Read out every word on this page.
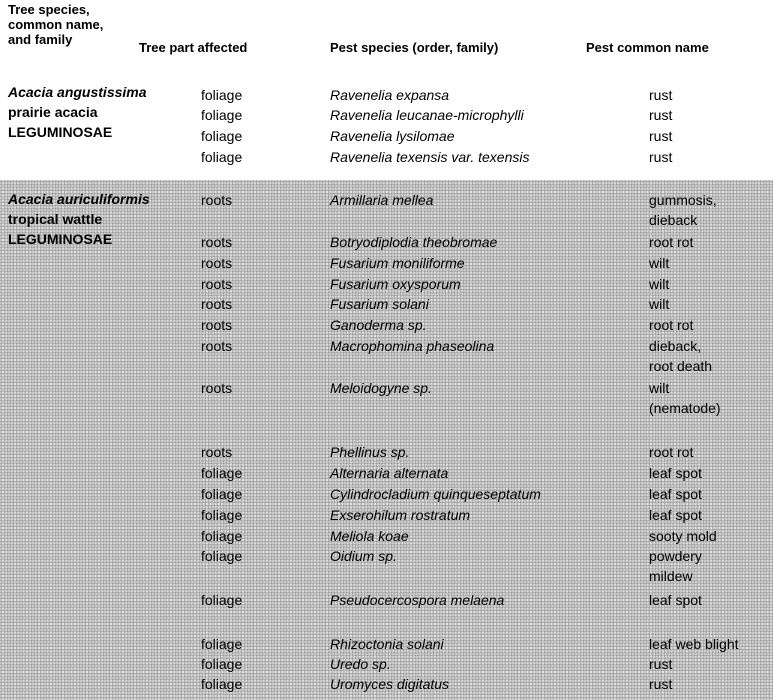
Tree species,
common name,
and family
Tree part affected	Pest species (order, family)	Pest common name
Acacia angustissima
prairie acacia
LEGUMINOSAE
foliage	Ravenelia expansa	rust
foliage	Ravenelia leucanae-microphylli	rust
foliage	Ravenelia lysilomae	rust
foliage	Ravenelia texensis var. texensis	rust
Acacia auriculiformis
tropical wattle
LEGUMINOSAE
roots	Armillaria mellea	gummosis,
dieback
roots	Botryodiplodia theobromae	root rot
roots	Fusarium moniliforme	wilt
roots	Fusarium oxysporum	wilt
roots	Fusarium solani	wilt
roots	Ganoderma sp.	root rot
roots	Macrophomina phaseolina	dieback,
root death
roots	Meloidogyne sp.	wilt
(nematode)
roots	Phellinus sp.	root rot
foliage	Alternaria alternata	leaf spot
foliage	Cylindrocladium quinqueseptatum	leaf spot
foliage	Exserohilum rostratum	leaf spot
foliage	Meliola koae	sooty mold
foliage	Oidium sp.	powdery
mildew
foliage	Pseudocercospora melaena	leaf spot
foliage	Rhizoctonia solani	leaf web blight
foliage	Uredo sp.	rust
foliage	Uromyces digitatus	rust
